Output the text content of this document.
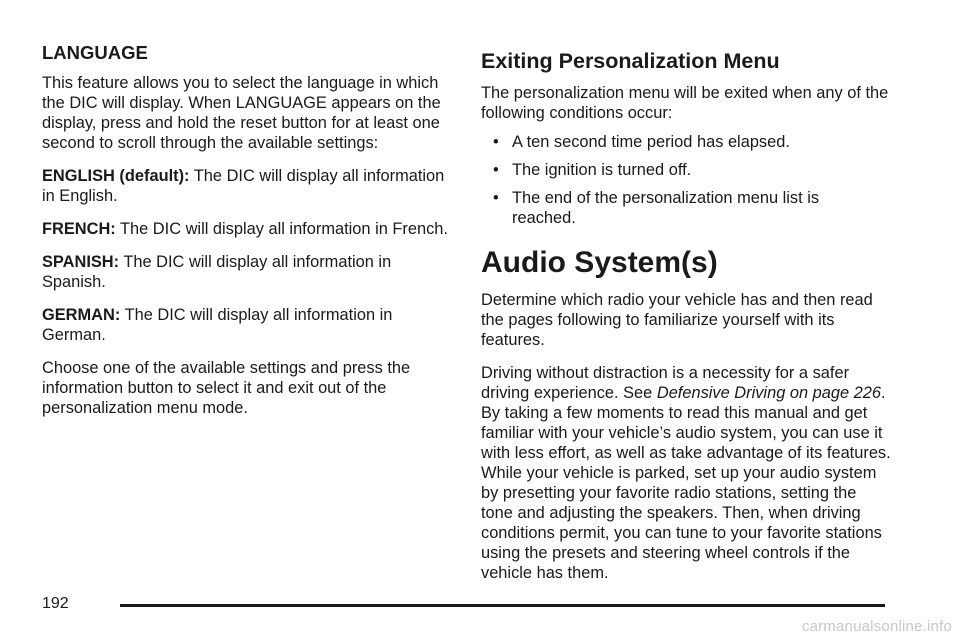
LANGUAGE

This feature allows you to select the language in which the DIC will display. When LANGUAGE appears on the display, press and hold the reset button for at least one second to scroll through the available settings:

ENGLISH (default): The DIC will display all information in English.

FRENCH: The DIC will display all information in French.

SPANISH: The DIC will display all information in Spanish.

GERMAN: The DIC will display all information in German.

Choose one of the available settings and press the information button to select it and exit out of the personalization menu mode.

Exiting Personalization Menu

The personalization menu will be exited when any of the following conditions occur:

• A ten second time period has elapsed.
• The ignition is turned off.
• The end of the personalization menu list is reached.
Audio System(s)

Determine which radio your vehicle has and then read the pages following to familiarize yourself with its features.

Driving without distraction is a necessity for a safer driving experience. See Defensive Driving on page 226. By taking a few moments to read this manual and get familiar with your vehicle’s audio system, you can use it with less effort, as well as take advantage of its features. While your vehicle is parked, set up your audio system by presetting your favorite radio stations, setting the tone and adjusting the speakers. Then, when driving conditions permit, you can tune to your favorite stations using the presets and steering wheel controls if the vehicle has them.

192
carmanualsonline.info
